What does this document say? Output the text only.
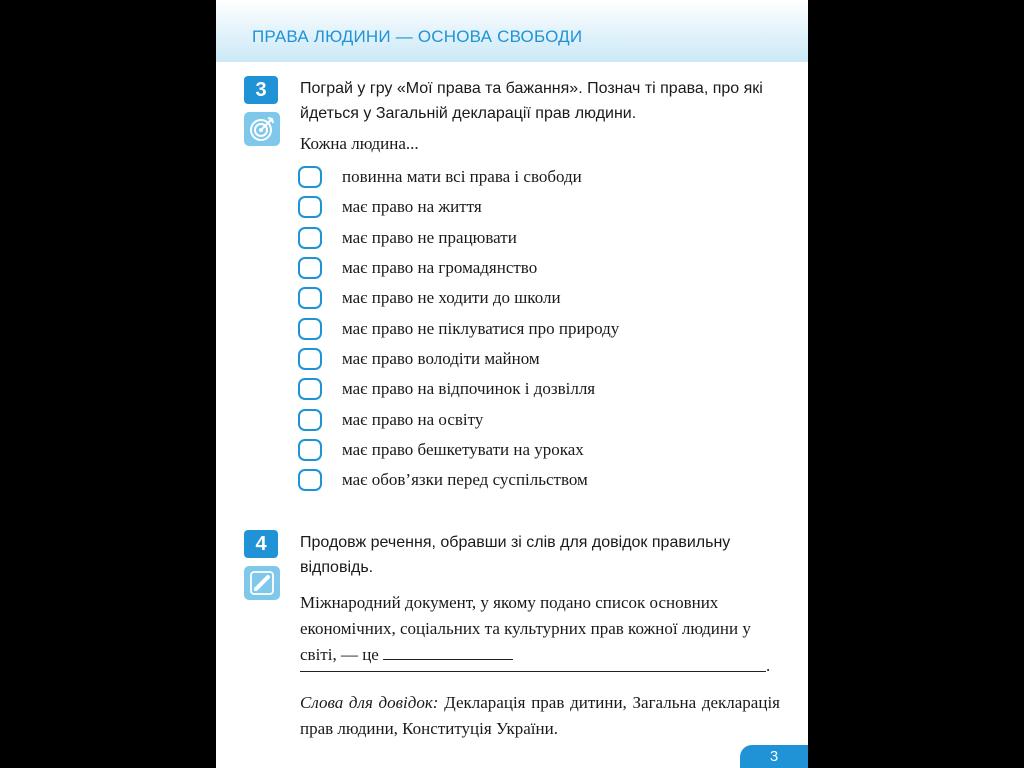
ПРАВА ЛЮДИНИ — ОСНОВА СВОБОДИ
3	Пограй у гру «Мої права та бажання». Познач ті права, про які йдеться у Загальній декларації прав людини.
Кожна людина...
повинна мати всі права і свободи
має право на життя
має право не працювати
має право на громадянство
має право не ходити до школи
має право не піклуватися про природу
має право володіти майном
має право на відпочинок і дозвілля
має право на освіту
має право бешкетувати на уроках
має обов’язки перед суспільством
4	Продовж речення, обравши зі слів для довідок правильну відповідь.
Міжнародний документ, у якому подано список основних економічних, соціальних та культурних прав кожної людини у світі, — це
.
Слова для довідок: Декларація прав дитини, Загальна декларація прав людини, Конституція України.
3
